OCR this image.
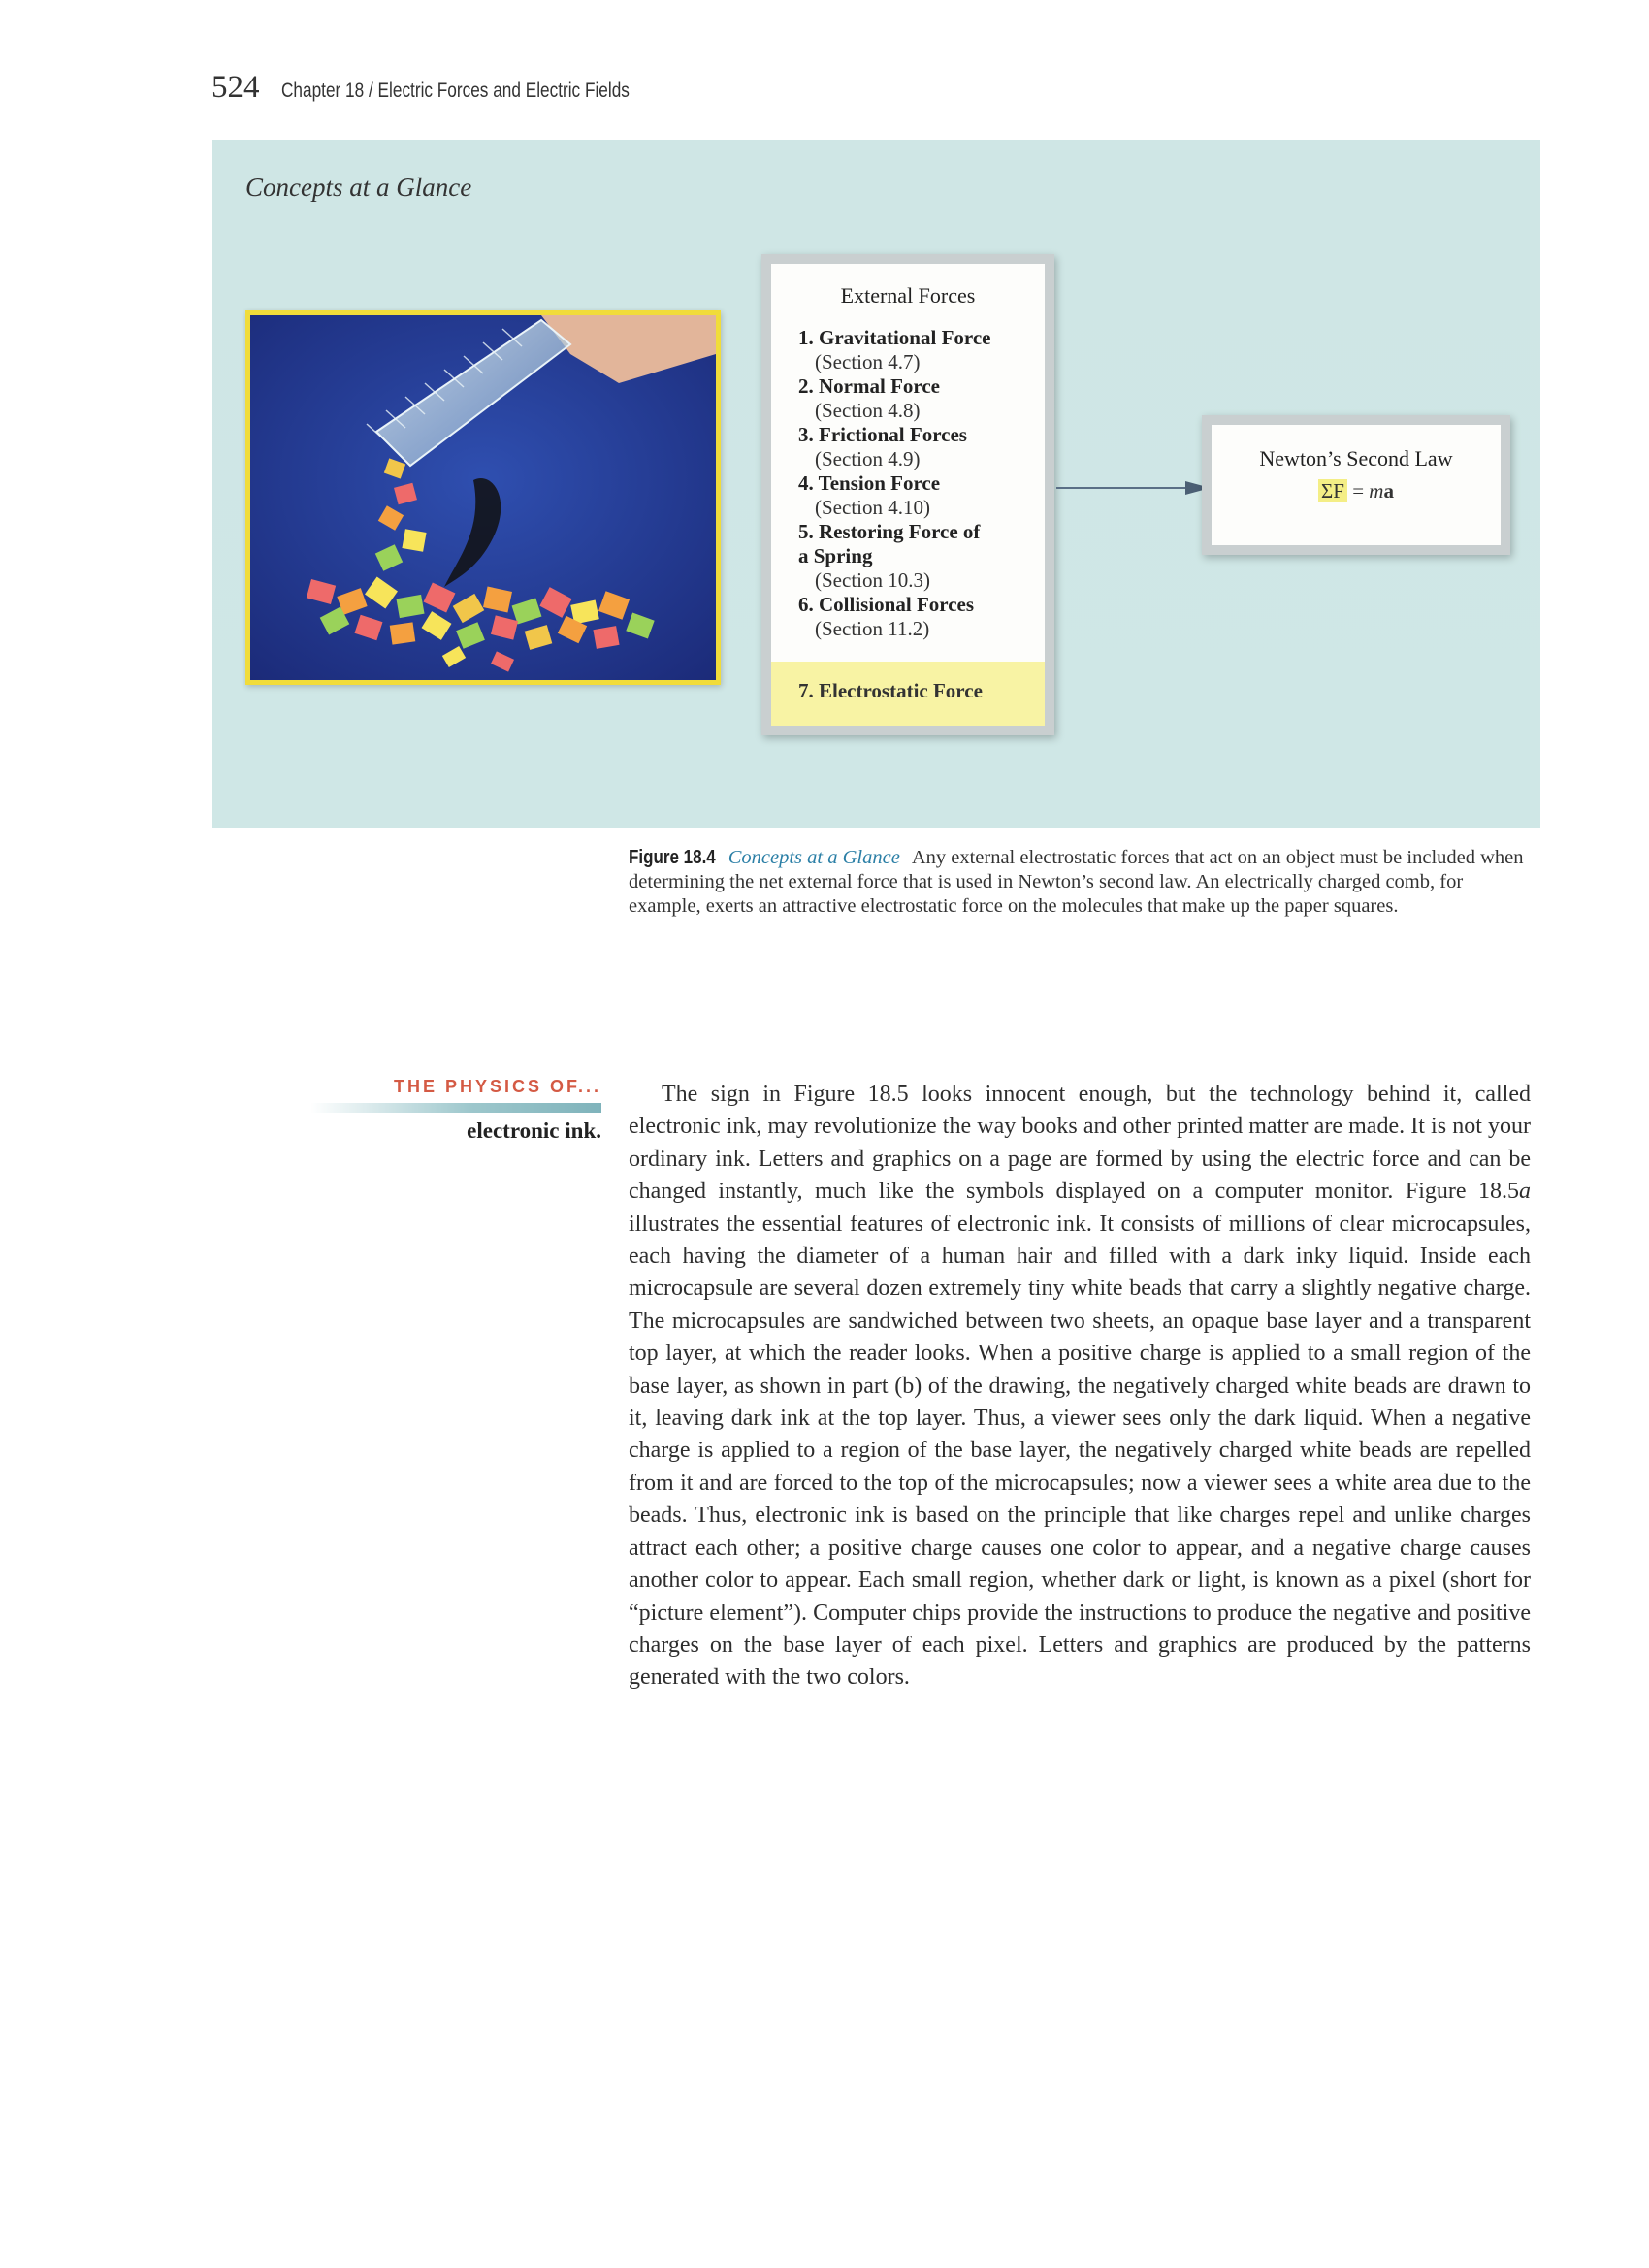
524 Chapter 18 / Electric Forces and Electric Fields
Concepts at a Glance
External Forces
1. Gravitational Force
(Section 4.7)
2. Normal Force
(Section 4.8)
3. Frictional Forces
(Section 4.9)
4. Tension Force
(Section 4.10)
5. Restoring Force of a Spring
(Section 10.3)
6. Collisional Forces
(Section 11.2)
7. Electrostatic Force
Newton’s Second Law
ΣF = ma
Figure 18.4 Concepts at a Glance Any external electrostatic forces that act on an object must be included when determining the net external force that is used in Newton’s second law. An electrically charged comb, for example, exerts an attractive electrostatic force on the molecules that make up the paper squares.
THE PHYSICS OF...
electronic ink.

The sign in Figure 18.5 looks innocent enough, but the technology behind it, called electronic ink, may revolutionize the way books and other printed matter are made. It is not your ordinary ink. Letters and graphics on a page are formed by using the electric force and can be changed instantly, much like the symbols displayed on a computer monitor. Figure 18.5a illustrates the essential features of electronic ink. It consists of millions of clear microcapsules, each having the diameter of a human hair and filled with a dark inky liquid. Inside each microcapsule are several dozen extremely tiny white beads that carry a slightly negative charge. The microcapsules are sandwiched between two sheets, an opaque base layer and a transparent top layer, at which the reader looks. When a positive charge is applied to a small region of the base layer, as shown in part (b) of the drawing, the negatively charged white beads are drawn to it, leaving dark ink at the top layer. Thus, a viewer sees only the dark liquid. When a negative charge is applied to a region of the base layer, the negatively charged white beads are repelled from it and are forced to the top of the microcapsules; now a viewer sees a white area due to the beads. Thus, electronic ink is based on the principle that like charges repel and unlike charges attract each other; a positive charge causes one color to appear, and a negative charge causes another color to appear. Each small region, whether dark or light, is known as a pixel (short for “picture element”). Computer chips provide the instructions to produce the negative and positive charges on the base layer of each pixel. Letters and graphics are produced by the patterns generated with the two colors.
